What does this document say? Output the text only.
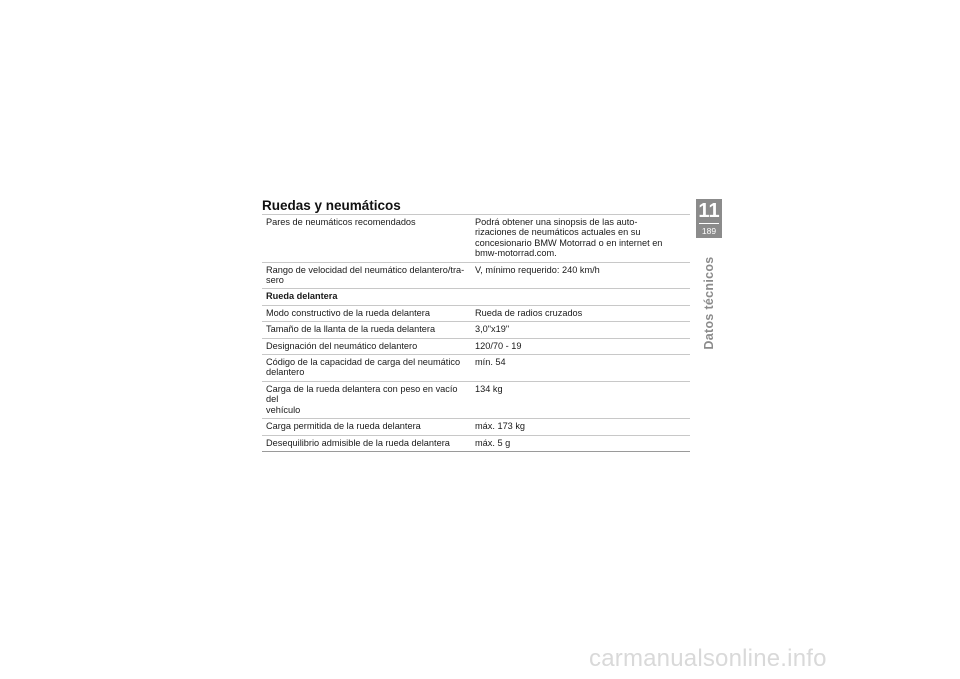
Ruedas y neumáticos
Pares de neumáticos recomendados	Podrá obtener una sinopsis de las auto-
rizaciones de neumáticos actuales en su
concesionario BMW Motorrad o en internet en
bmw-motorrad.com.
Rango de velocidad del neumático delantero/tra-
sero	V, mínimo requerido: 240 km/h
Rueda delantera	
Modo constructivo de la rueda delantera	Rueda de radios cruzados
Tamaño de la llanta de la rueda delantera	3,0"x19"
Designación del neumático delantero	120/70 - 19
Código de la capacidad de carga del neumático
delantero	mín. 54
Carga de la rueda delantera con peso en vacío del
vehículo	134 kg
Carga permitida de la rueda delantera	máx. 173 kg
Desequilibrio admisible de la rueda delantera	máx. 5 g
11
189
Datos técnicos
carmanualsonline.info
